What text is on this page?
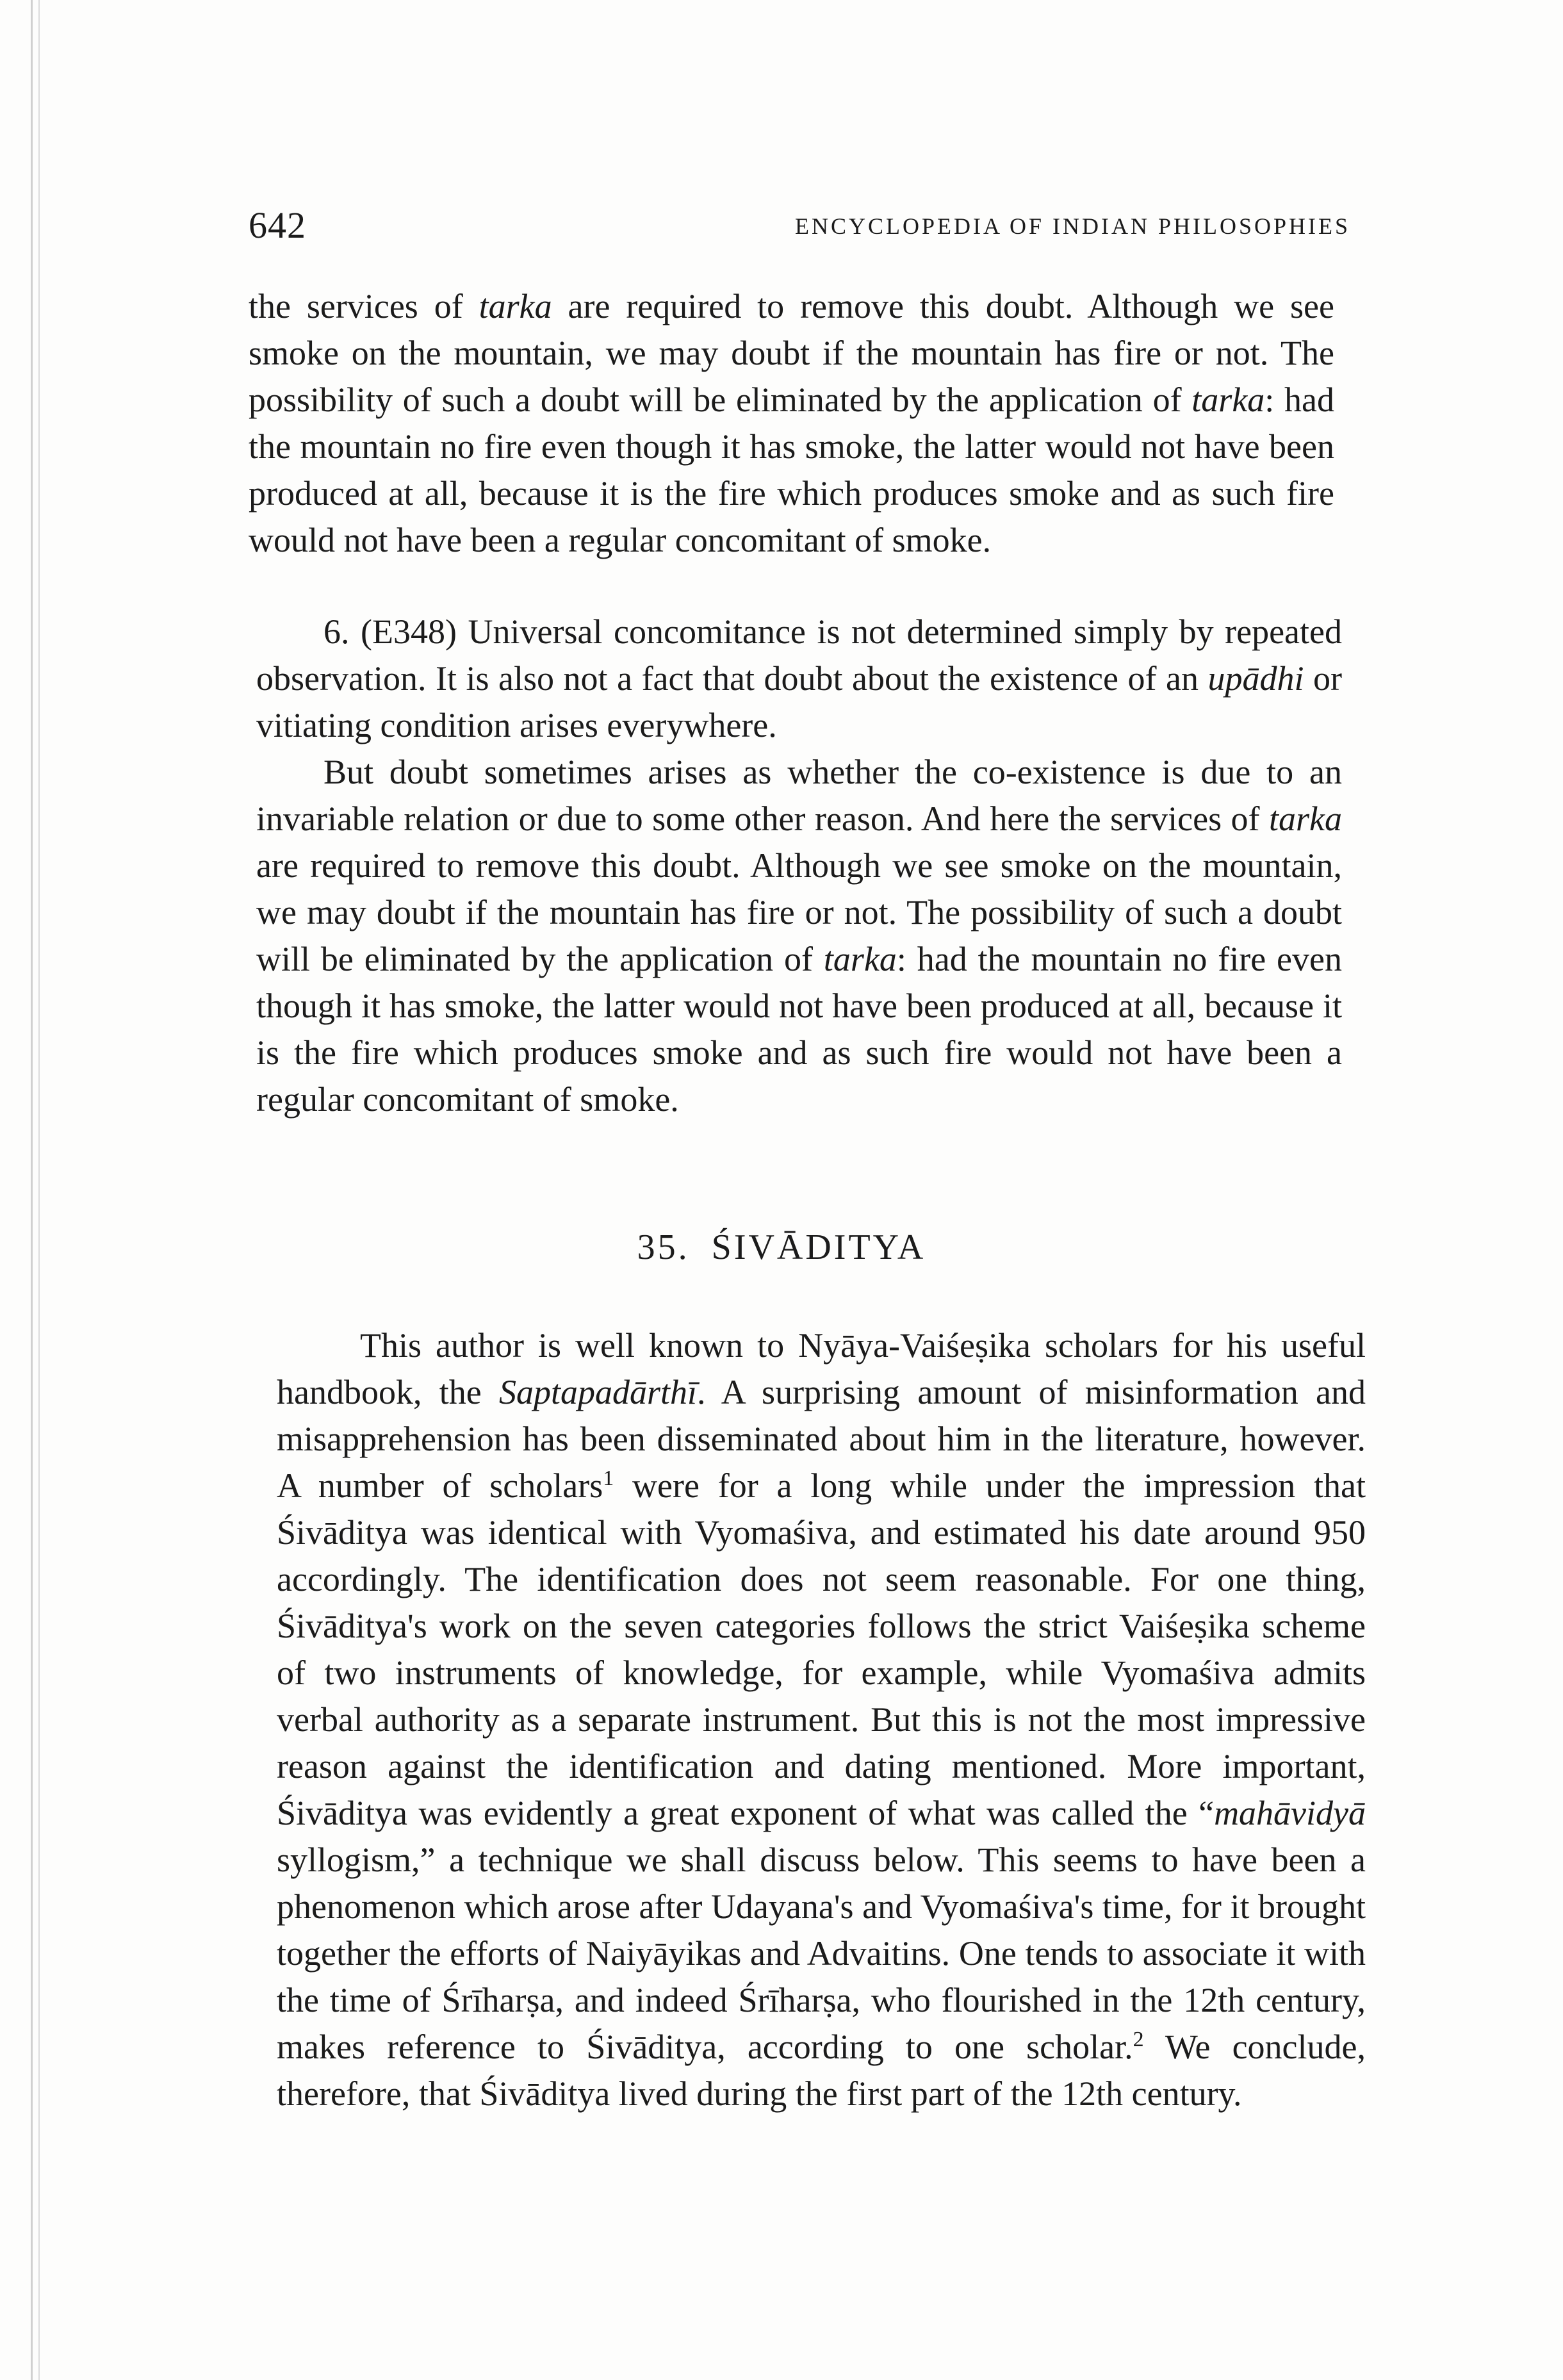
642	ENCYCLOPEDIA OF INDIAN PHILOSOPHIES

the services of tarka are required to remove this doubt. Although we see smoke on the mountain, we may doubt if the mountain has fire or not. The possibility of such a doubt will be eliminated by the application of tarka: had the mountain no fire even though it has smoke, the latter would not have been produced at all, because it is the fire which produces smoke and as such fire would not have been a regular concomitant of smoke.

6. (E348) Universal concomitance is not determined simply by repeated observation. It is also not a fact that doubt about the existence of an upādhi or vitiating condition arises everywhere.

But doubt sometimes arises as whether the co-existence is due to an invariable relation or due to some other reason. And here the services of tarka are required to remove this doubt. Although we see smoke on the mountain, we may doubt if the mountain has fire or not. The possibility of such a doubt will be eliminated by the application of tarka: had the mountain no fire even though it has smoke, the latter would not have been produced at all, because it is the fire which produces smoke and as such fire would not have been a regular concomitant of smoke.

35. ŚIVĀDITYA

This author is well known to Nyāya-Vaiśeṣika scholars for his useful handbook, the Saptapadārthī. A surprising amount of misinformation and misapprehension has been disseminated about him in the literature, however. A number of scholars$^1$ were for a long while under the impression that Śivāditya was identical with Vyomaśiva, and estimated his date around 950 accordingly. The identification does not seem reasonable. For one thing, Śivāditya's work on the seven categories follows the strict Vaiśeṣika scheme of two instruments of knowledge, for example, while Vyomaśiva admits verbal authority as a separate instrument. But this is not the most impressive reason against the identification and dating mentioned. More important, Śivāditya was evidently a great exponent of what was called the “mahāvidyā syllogism,” a technique we shall discuss below. This seems to have been a phenomenon which arose after Udayana's and Vyomaśiva's time, for it brought together the efforts of Naiyāyikas and Advaitins. One tends to associate it with the time of Śrīharṣa, and indeed Śrīharṣa, who flourished in the 12th century, makes reference to Śivāditya, according to one scholar.$^2$ We conclude, therefore, that Śivāditya lived during the first part of the 12th century.
